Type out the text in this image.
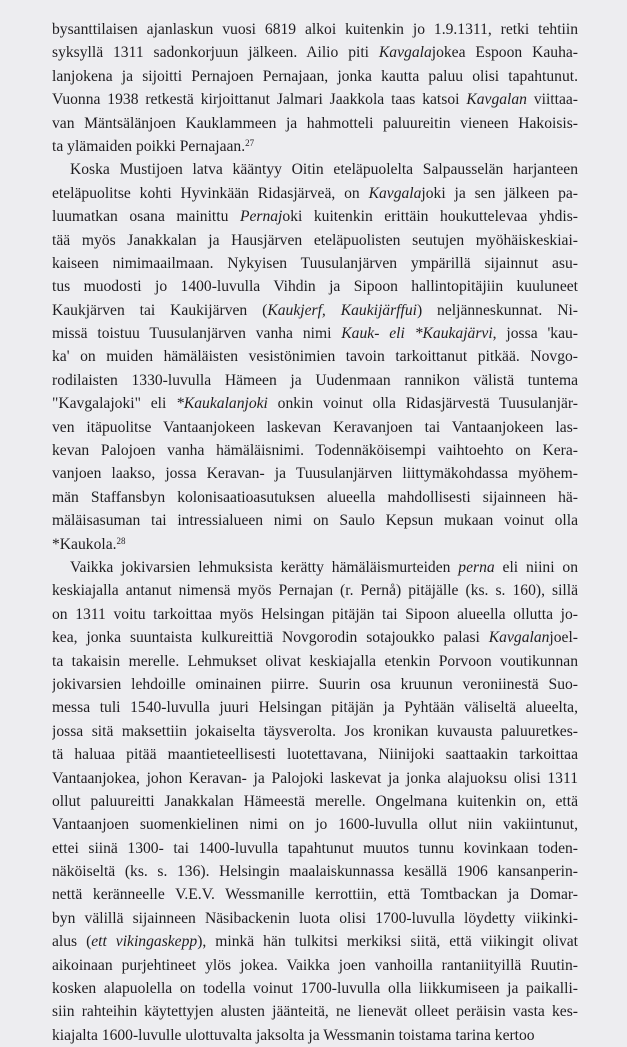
bysanttilaisen ajanlaskun vuosi 6819 alkoi kuitenkin jo 1.9.1311, retki tehtiin
syksyllä 1311 sadonkorjuun jälkeen. Ailio piti Kavgalajokea Espoon Kauha-
lanjokena ja sijoitti Pernajoen Pernajaan, jonka kautta paluu olisi tapahtunut.
Vuonna 1938 retkestä kirjoittanut Jalmari Jaakkola taas katsoi Kavgalan viittaa-
van Mäntsälänjoen Kauklammeen ja hahmotteli paluureitin vieneen Hakoisis-
ta ylämaiden poikki Pernajaan.$^{27}$
Koska Mustijoen latva kääntyy Oitin eteläpuolelta Salpausselän harjanteen
eteläpuolitse kohti Hyvinkään Ridasjärveä, on Kavgalajoki ja sen jälkeen pa-
luumatkan osana mainittu Pernajoki kuitenkin erittäin houkuttelevaa yhdis-
tää myös Janakkalan ja Hausjärven eteläpuolisten seutujen myöhäiskeskiai-
kaiseen nimimaailmaan. Nykyisen Tuusulanjärven ympärillä sijainnut asu-
tus muodosti jo 1400-luvulla Vihdin ja Sipoon hallintopitäjiin kuuluneet
Kaukjärven tai Kaukijärven (Kaukjerf, Kaukijärffui) neljänneskunnat. Ni-
missä toistuu Tuusulanjärven vanha nimi Kauk- eli *Kaukajärvi, jossa 'kau-
ka' on muiden hämäläisten vesistönimien tavoin tarkoittanut pitkää. Novgo-
rodilaisten 1330-luvulla Hämeen ja Uudenmaan rannikon välistä tuntema
"Kavgalajoki" eli *Kaukalanjoki onkin voinut olla Ridasjärvestä Tuusulanjär-
ven itäpuolitse Vantaanjokeen laskevan Keravanjoen tai Vantaanjokeen las-
kevan Palojoen vanha hämäläisnimi. Todennäköisempi vaihtoehto on Kera-
vanjoen laakso, jossa Keravan- ja Tuusulanjärven liittymäkohdassa myöhem-
män Staffansbyn kolonisaatioasutuksen alueella mahdollisesti sijainneen hä-
mäläisasuman tai intressialueen nimi on Saulo Kepsun mukaan voinut olla
*Kaukola.$^{28}$
Vaikka jokivarsien lehmuksista kerätty hämäläismurteiden perna eli niini on
keskiajalla antanut nimensä myös Pernajan (r. Pernå) pitäjälle (ks. s. 160), sillä
on 1311 voitu tarkoittaa myös Helsingan pitäjän tai Sipoon alueella ollutta jo-
kea, jonka suuntaista kulkureittiä Novgorodin sotajoukko palasi Kavgalanjoel-
ta takaisin merelle. Lehmukset olivat keskiajalla etenkin Porvoon voutikunnan
jokivarsien lehdoille ominainen piirre. Suurin osa kruunun veroniinestä Suo-
messa tuli 1540-luvulla juuri Helsingan pitäjän ja Pyhtään väliseltä alueelta,
jossa sitä maksettiin jokaiselta täysverolta. Jos kronikan kuvausta paluuretkes-
tä haluaa pitää maantieteellisesti luotettavana, Niinijoki saattaakin tarkoittaa
Vantaanjokea, johon Keravan- ja Palojoki laskevat ja jonka alajuoksu olisi 1311
ollut paluureitti Janakkalan Hämeestä merelle. Ongelmana kuitenkin on, että
Vantaanjoen suomenkielinen nimi on jo 1600-luvulla ollut niin vakiintunut,
ettei siinä 1300- tai 1400-luvulla tapahtunut muutos tunnu kovinkaan toden-
näköiseltä (ks. s. 136). Helsingin maalaiskunnassa kesällä 1906 kansanperin-
nettä keränneelle V.E.V. Wessmanille kerrottiin, että Tomtbackan ja Domar-
byn välillä sijainneen Näsibackenin luota olisi 1700-luvulla löydetty viikinki-
alus (ett vikingaskepp), minkä hän tulkitsi merkiksi siitä, että viikingit olivat
aikoinaan purjehtineet ylös jokea. Vaikka joen vanhoilla rantaniityillä Ruutin-
kosken alapuolella on todella voinut 1700-luvulla olla liikkumiseen ja paikalli-
siin rahteihin käytettyjen alusten jäänteitä, ne lienevät olleet peräisin vasta kes-
kiajalta 1600-luvulle ulottuvalta jaksolta ja Wessmanin toistama tarina kertoo
